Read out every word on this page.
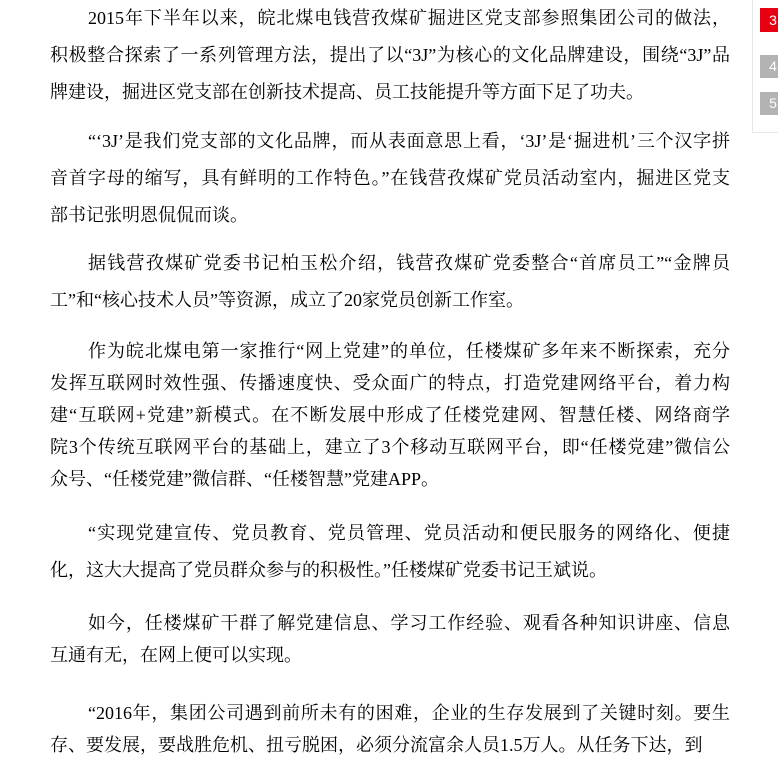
2015年下半年以来，皖北煤电钱营孜煤矿掘进区党支部参照集团公司的做法，
积极整合探索了一系列管理方法，提出了以“3J”为核心的文化品牌建设，围绕“3J”品
牌建设，掘进区党支部在创新技术提高、员工技能提升等方面下足了功夫。
“‘3J’是我们党支部的文化品牌，而从表面意思上看，‘3J’是‘掘进机’三个汉字拼
音首字母的缩写，具有鲜明的工作特色。”在钱营孜煤矿党员活动室内，掘进区党支
部书记张明恩侃侃而谈。
据钱营孜煤矿党委书记柏玉松介绍，钱营孜煤矿党委整合“首席员工”“金牌员
工”和“核心技术人员”等资源，成立了20家党员创新工作室。
作为皖北煤电第一家推行“网上党建”的单位，任楼煤矿多年来不断探索，充分
发挥互联网时效性强、传播速度快、受众面广的特点，打造党建网络平台，着力构
建“互联网+党建”新模式。在不断发展中形成了任楼党建网、智慧任楼、网络商学
院3个传统互联网平台的基础上，建立了3个移动互联网平台，即“任楼党建”微信公
众号、“任楼党建”微信群、“任楼智慧”党建APP。
“实现党建宣传、党员教育、党员管理、党员活动和便民服务的网络化、便捷
化，这大大提高了党员群众参与的积极性。”任楼煤矿党委书记王斌说。
如今，任楼煤矿干群了解党建信息、学习工作经验、观看各种知识讲座、信息
互通有无，在网上便可以实现。
“2016年，集团公司遇到前所未有的困难，企业的生存发展到了关键时刻。要生
存、要发展，要战胜危机、扭亏脱困，必须分流富余人员1.5万人。从任务下达，到
3
4
5
